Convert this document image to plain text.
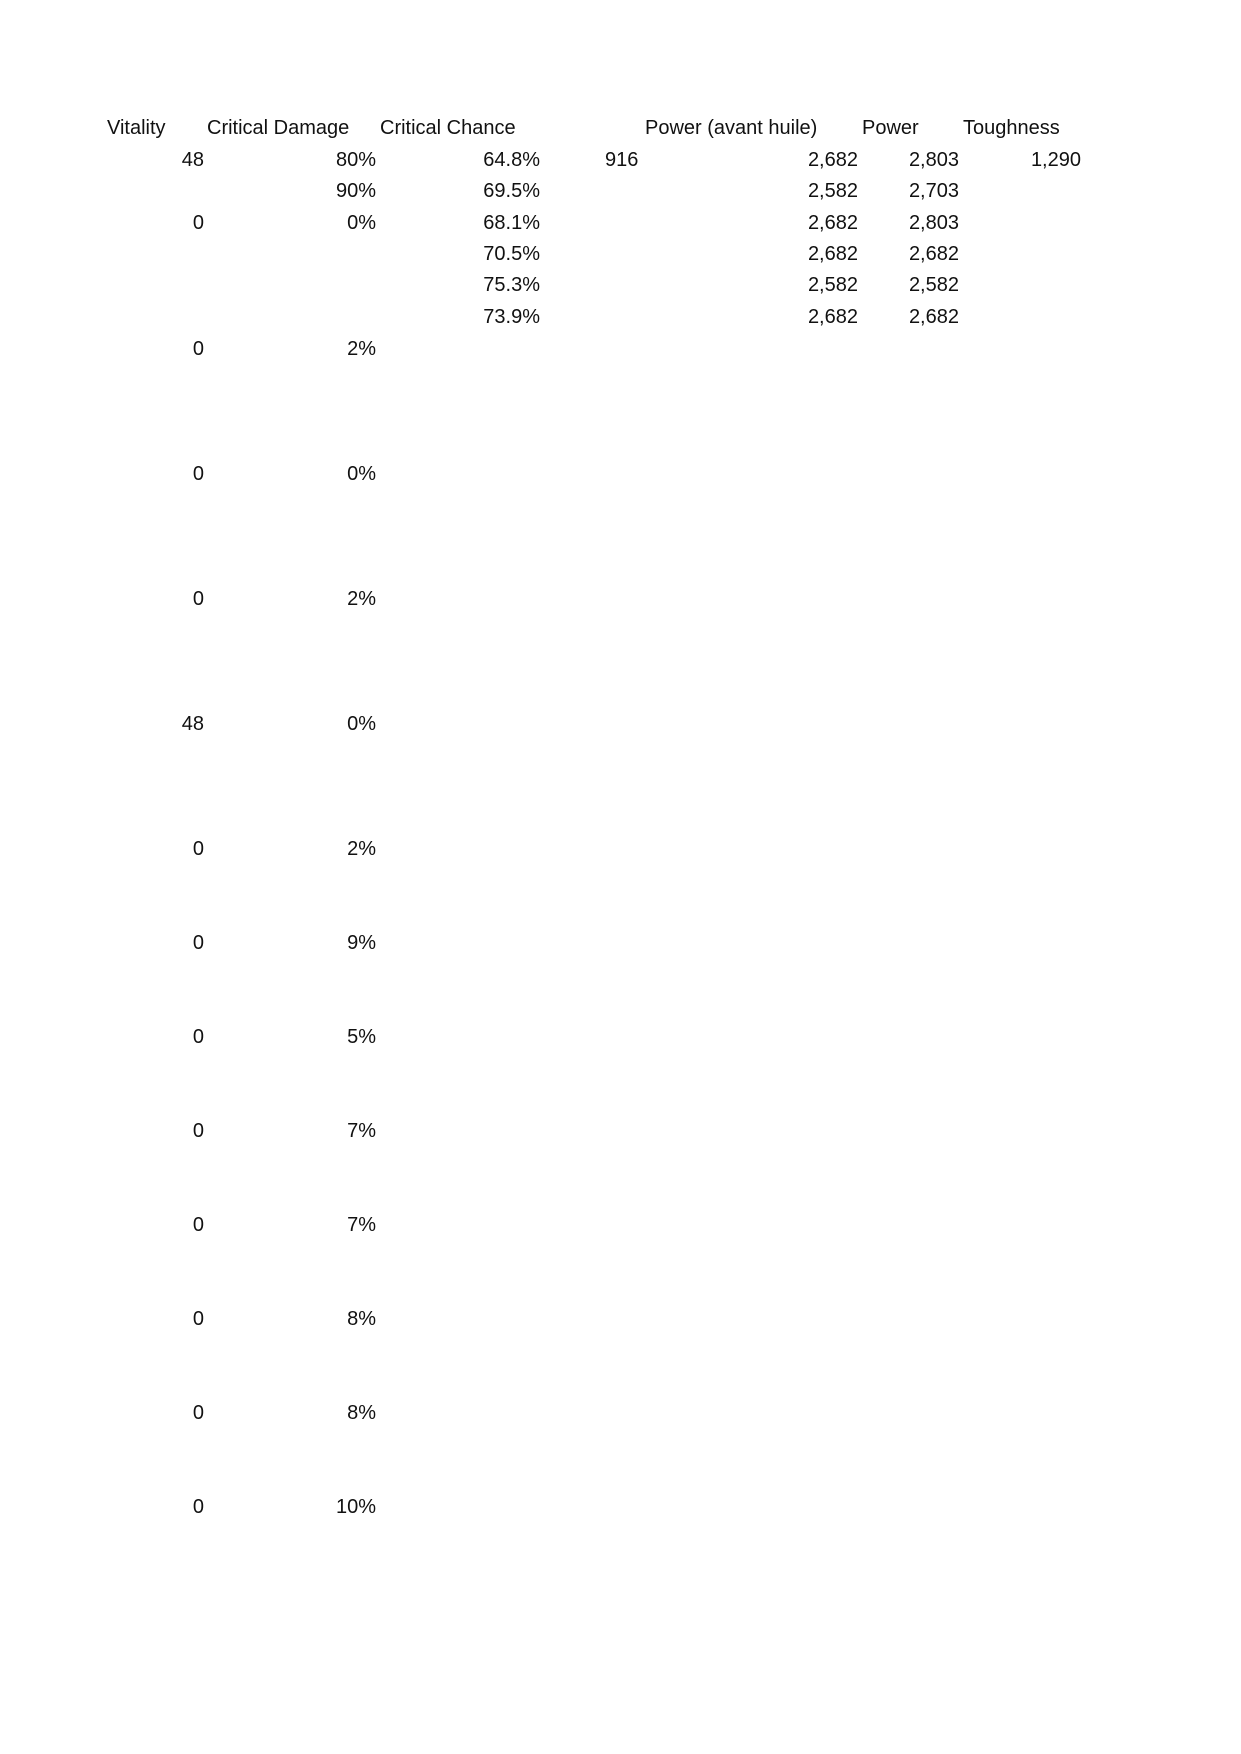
Vitality Critical Damage Critical Chance	Power (avant huile) Power Toughness
48
0
0
0
0
48
0
0
0
0
0
0
0
0
80%
90%
0%
2%
0%
2%
0%
2%
9%
5%
7%
7%
8%
8%
10%
64.8%
69.5%
68.1%
70.5%
75.3%
73.9%
916	2,682
2,582
2,682
2,682
2,582
2,682
2,803
2,703
2,803
2,682
2,582
2,682
1,290
